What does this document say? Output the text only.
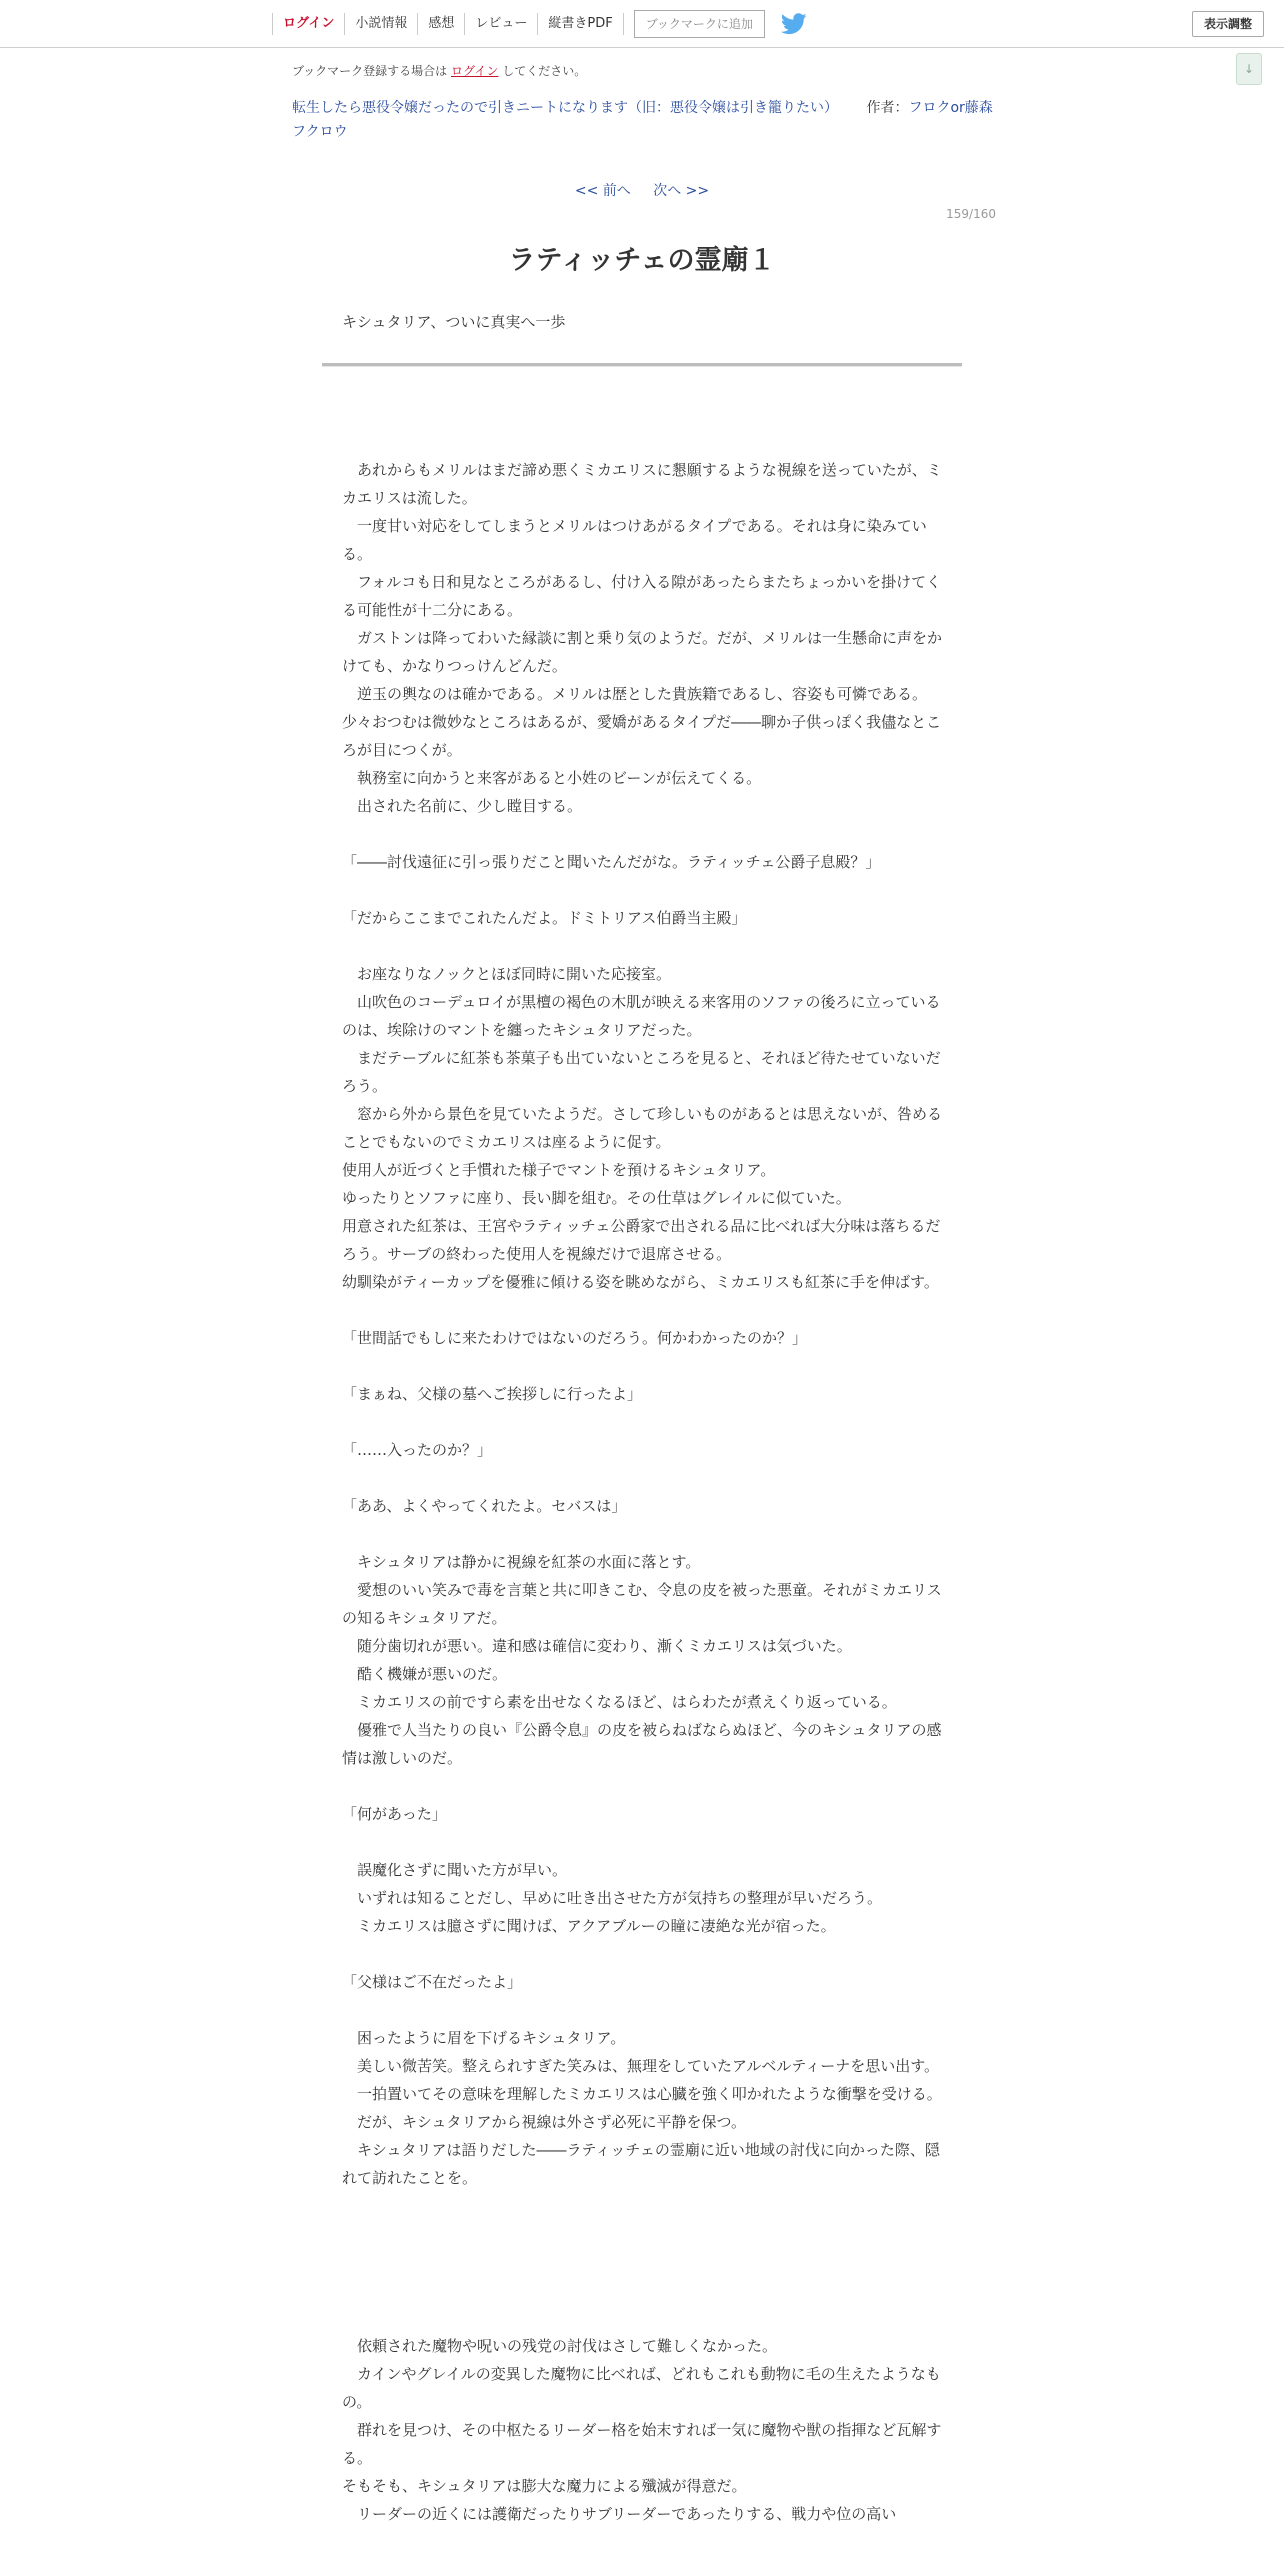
ログイン	小説情報	感想	レビュー	縦書きPDF	ブックマークに追加	表示調整
↓
ブックマーク登録する場合は ログイン してください。
転生したら悪役令嬢だったので引きニートになります（旧：悪役令嬢は引き籠りたい） 作者：フロクor藤森フクロウ
<< 前へ 次へ >>
159/160
ラティッチェの霊廟１
キシュタリア、ついに真実へ一歩

　あれからもメリルはまだ諦め悪くミカエリスに懇願するような視線を送っていたが、ミカエリスは流した。

　一度甘い対応をしてしまうとメリルはつけあがるタイプである。それは身に染みている。

　フォルコも日和見なところがあるし、付け入る隙があったらまたちょっかいを掛けてくる可能性が十二分にある。

　ガストンは降ってわいた縁談に割と乗り気のようだ。だが、メリルは一生懸命に声をかけても、かなりつっけんどんだ。

　逆玉の輿なのは確かである。メリルは歴とした貴族籍であるし、容姿も可憐である。少々おつむは微妙なところはあるが、愛嬌があるタイプだ――聊か子供っぽく我儘なところが目につくが。

　執務室に向かうと来客があると小姓のビーンが伝えてくる。

　出された名前に、少し瞠目する。

「――討伐遠征に引っ張りだこと聞いたんだがな。ラティッチェ公爵子息殿？」

「だからここまでこれたんだよ。ドミトリアス伯爵当主殿」

　お座なりなノックとほぼ同時に開いた応接室。

　山吹色のコーデュロイが黒檀の褐色の木肌が映える来客用のソファの後ろに立っているのは、埃除けのマントを纏ったキシュタリアだった。

　まだテーブルに紅茶も茶菓子も出ていないところを見ると、それほど待たせていないだろう。

　窓から外から景色を見ていたようだ。さして珍しいものがあるとは思えないが、咎めることでもないのでミカエリスは座るように促す。

使用人が近づくと手慣れた様子でマントを預けるキシュタリア。

ゆったりとソファに座り、長い脚を組む。その仕草はグレイルに似ていた。

用意された紅茶は、王宮やラティッチェ公爵家で出される品に比べれば大分味は落ちるだろう。サーブの終わった使用人を視線だけで退席させる。

幼馴染がティーカップを優雅に傾ける姿を眺めながら、ミカエリスも紅茶に手を伸ばす。

「世間話でもしに来たわけではないのだろう。何かわかったのか？」

「まぁね、父様の墓へご挨拶しに行ったよ」

「……入ったのか？」

「ああ、よくやってくれたよ。セバスは」

　キシュタリアは静かに視線を紅茶の水面に落とす。

　愛想のいい笑みで毒を言葉と共に叩きこむ、令息の皮を被った悪童。それがミカエリスの知るキシュタリアだ。

　随分歯切れが悪い。違和感は確信に変わり、漸くミカエリスは気づいた。

　酷く機嫌が悪いのだ。

　ミカエリスの前ですら素を出せなくなるほど、はらわたが煮えくり返っている。

　優雅で人当たりの良い『公爵令息』の皮を被らねばならぬほど、今のキシュタリアの感情は激しいのだ。

「何があった」

　誤魔化さずに聞いた方が早い。

　いずれは知ることだし、早めに吐き出させた方が気持ちの整理が早いだろう。

　ミカエリスは臆さずに聞けば、アクアブルーの瞳に凄絶な光が宿った。

「父様はご不在だったよ」

　困ったように眉を下げるキシュタリア。

　美しい微苦笑。整えられすぎた笑みは、無理をしていたアルベルティーナを思い出す。

　一拍置いてその意味を理解したミカエリスは心臓を強く叩かれたような衝撃を受ける。

　だが、キシュタリアから視線は外さず必死に平静を保つ。

　キシュタリアは語りだした――ラティッチェの霊廟に近い地域の討伐に向かった際、隠れて訪れたことを。

　依頼された魔物や呪いの残党の討伐はさして難しくなかった。

　カインやグレイルの変異した魔物に比べれば、どれもこれも動物に毛の生えたようなもの。

　群れを見つけ、その中枢たるリーダー格を始末すれば一気に魔物や獣の指揮など瓦解する。

そもそも、キシュタリアは膨大な魔力による殲滅が得意だ。

　リーダーの近くには護衛だったりサブリーダーであったりする、戦力や位の高い
